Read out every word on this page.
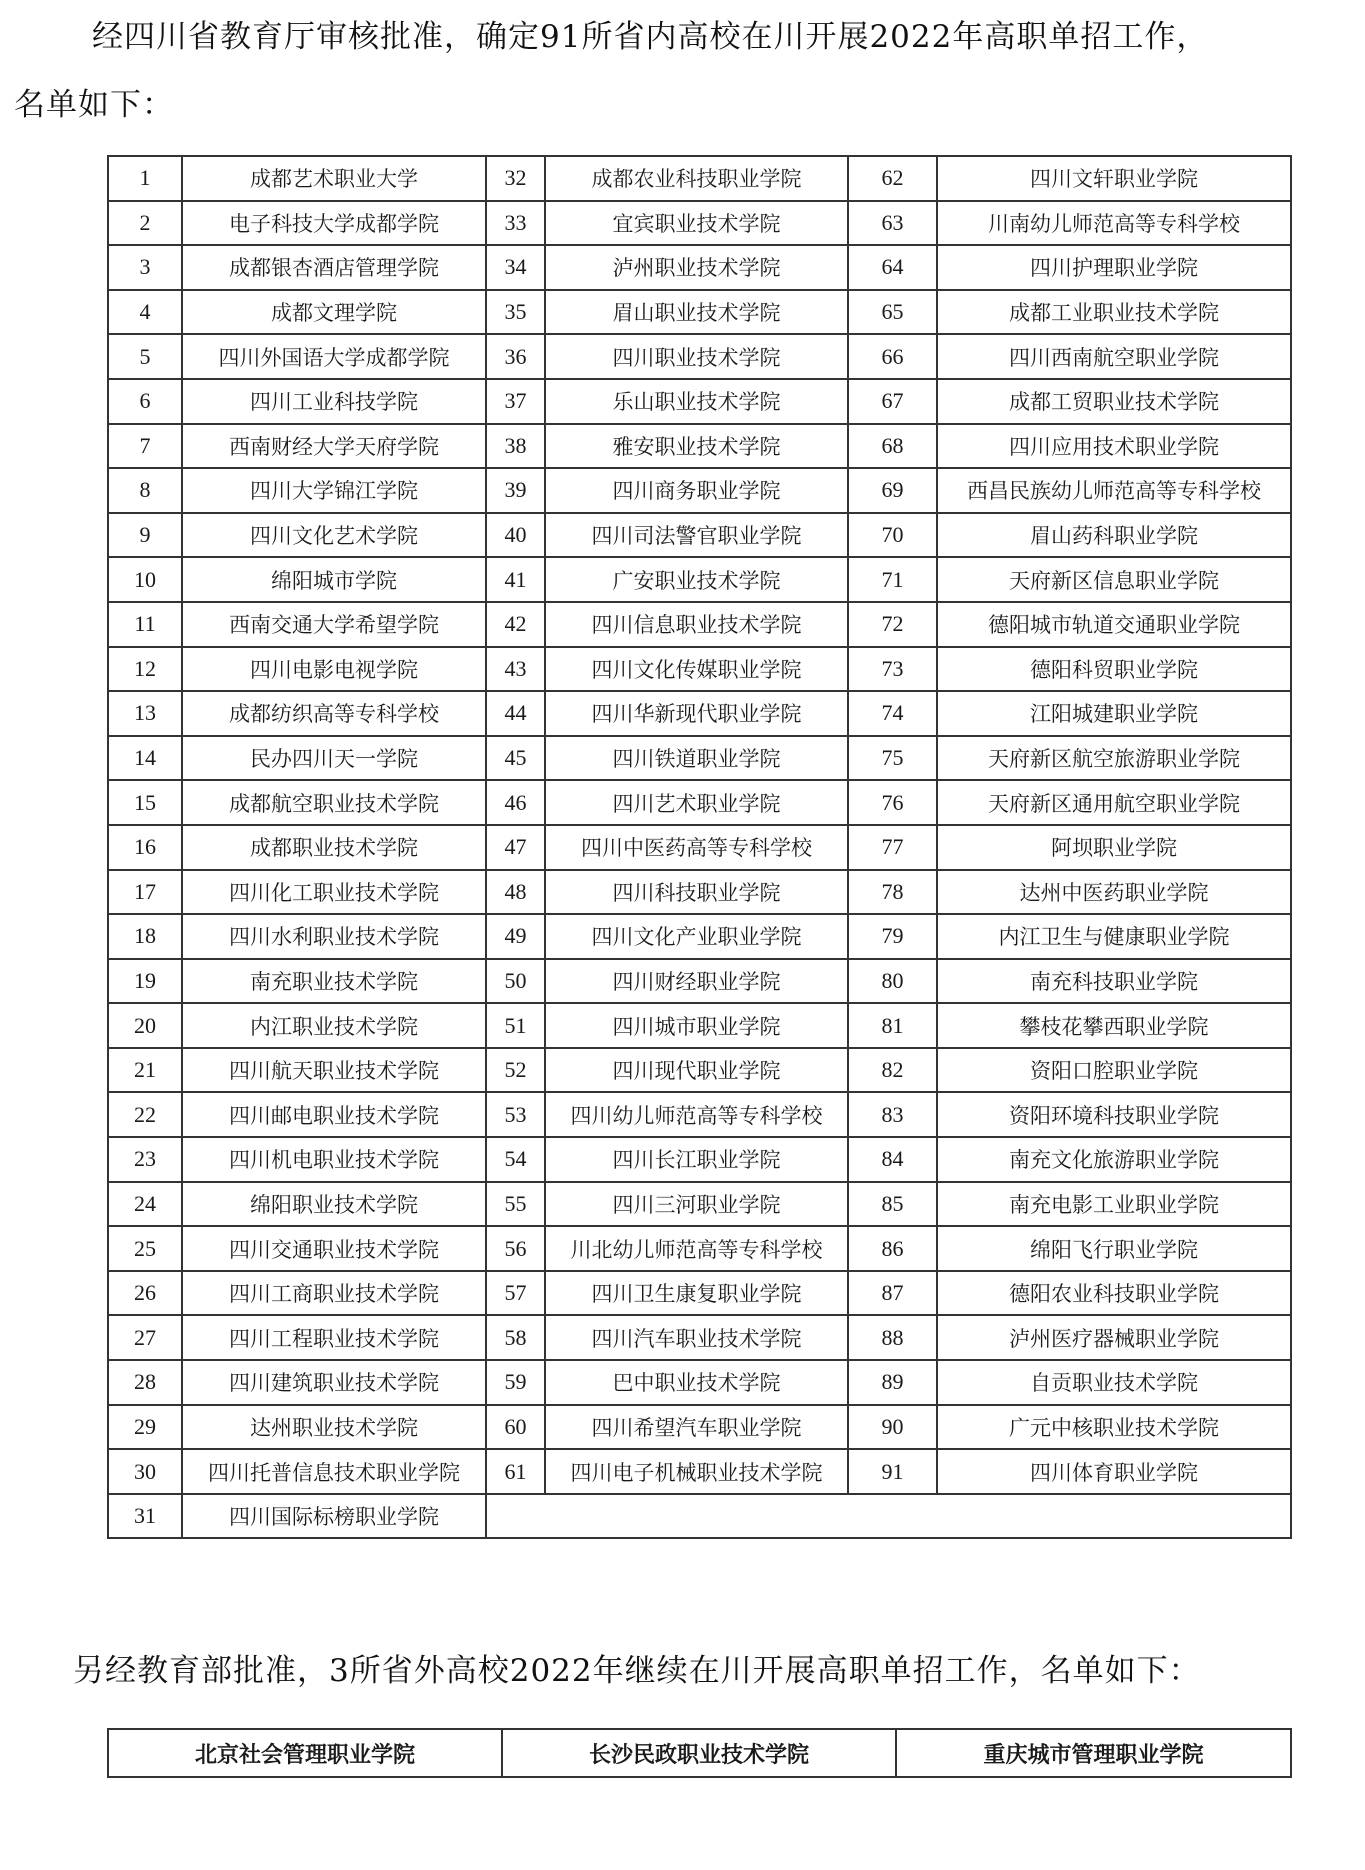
经四川省教育厅审核批准，确定91所省内高校在川开展2022年高职单招工作，

名单如下：

1	成都艺术职业大学	32	成都农业科技职业学院	62	四川文轩职业学院
2	电子科技大学成都学院	33	宜宾职业技术学院	63	川南幼儿师范高等专科学校
3	成都银杏酒店管理学院	34	泸州职业技术学院	64	四川护理职业学院
4	成都文理学院	35	眉山职业技术学院	65	成都工业职业技术学院
5	四川外国语大学成都学院	36	四川职业技术学院	66	四川西南航空职业学院
6	四川工业科技学院	37	乐山职业技术学院	67	成都工贸职业技术学院
7	西南财经大学天府学院	38	雅安职业技术学院	68	四川应用技术职业学院
8	四川大学锦江学院	39	四川商务职业学院	69	西昌民族幼儿师范高等专科学校
9	四川文化艺术学院	40	四川司法警官职业学院	70	眉山药科职业学院
10	绵阳城市学院	41	广安职业技术学院	71	天府新区信息职业学院
11	西南交通大学希望学院	42	四川信息职业技术学院	72	德阳城市轨道交通职业学院
12	四川电影电视学院	43	四川文化传媒职业学院	73	德阳科贸职业学院
13	成都纺织高等专科学校	44	四川华新现代职业学院	74	江阳城建职业学院
14	民办四川天一学院	45	四川铁道职业学院	75	天府新区航空旅游职业学院
15	成都航空职业技术学院	46	四川艺术职业学院	76	天府新区通用航空职业学院
16	成都职业技术学院	47	四川中医药高等专科学校	77	阿坝职业学院
17	四川化工职业技术学院	48	四川科技职业学院	78	达州中医药职业学院
18	四川水利职业技术学院	49	四川文化产业职业学院	79	内江卫生与健康职业学院
19	南充职业技术学院	50	四川财经职业学院	80	南充科技职业学院
20	内江职业技术学院	51	四川城市职业学院	81	攀枝花攀西职业学院
21	四川航天职业技术学院	52	四川现代职业学院	82	资阳口腔职业学院
22	四川邮电职业技术学院	53	四川幼儿师范高等专科学校	83	资阳环境科技职业学院
23	四川机电职业技术学院	54	四川长江职业学院	84	南充文化旅游职业学院
24	绵阳职业技术学院	55	四川三河职业学院	85	南充电影工业职业学院
25	四川交通职业技术学院	56	川北幼儿师范高等专科学校	86	绵阳飞行职业学院
26	四川工商职业技术学院	57	四川卫生康复职业学院	87	德阳农业科技职业学院
27	四川工程职业技术学院	58	四川汽车职业技术学院	88	泸州医疗器械职业学院
28	四川建筑职业技术学院	59	巴中职业技术学院	89	自贡职业技术学院
29	达州职业技术学院	60	四川希望汽车职业学院	90	广元中核职业技术学院
30	四川托普信息技术职业学院	61	四川电子机械职业技术学院	91	四川体育职业学院
31	四川国际标榜职业学院				

另经教育部批准，3所省外高校2022年继续在川开展高职单招工作，名单如下：

北京社会管理职业学院	长沙民政职业技术学院	重庆城市管理职业学院
